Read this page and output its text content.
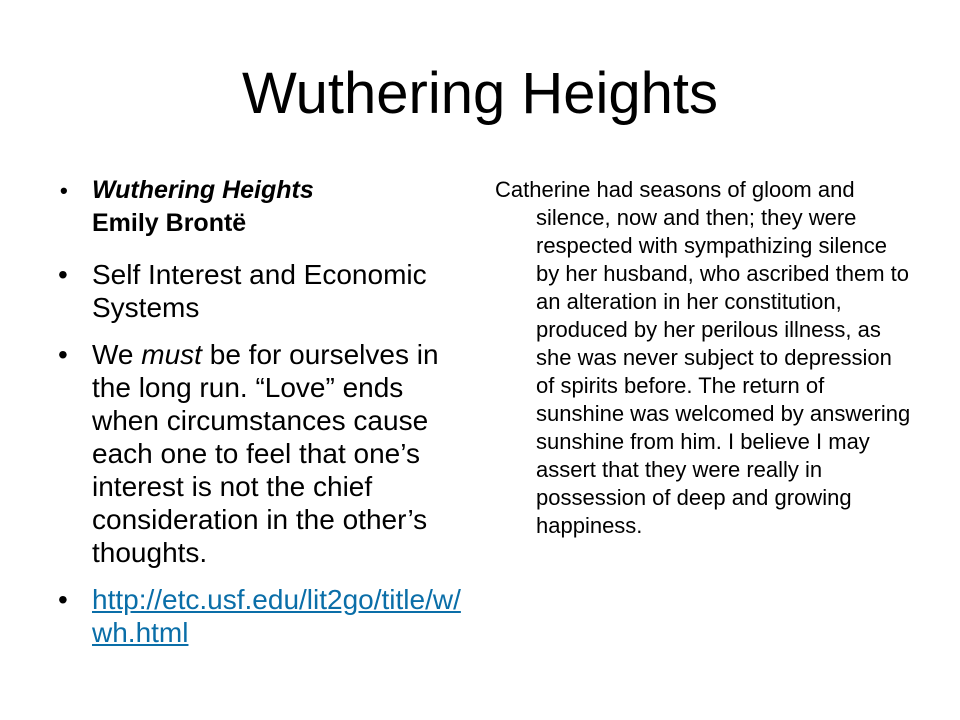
Wuthering Heights
• Wuthering Heights
Emily Brontë
• Self Interest and Economic Systems
• We must be for ourselves in the long run. “Love” ends when circumstances cause each one to feel that one’s interest is not the chief consideration in the other’s thoughts.
• http://etc.usf.edu/lit2go/title/w/wh.html

Catherine had seasons of gloom and silence, now and then; they were respected with sympathizing silence by her husband, who ascribed them to an alteration in her constitution, produced by her perilous illness, as she was never subject to depression of spirits before. The return of sunshine was welcomed by answering sunshine from him. I believe I may assert that they were really in possession of deep and growing happiness.
